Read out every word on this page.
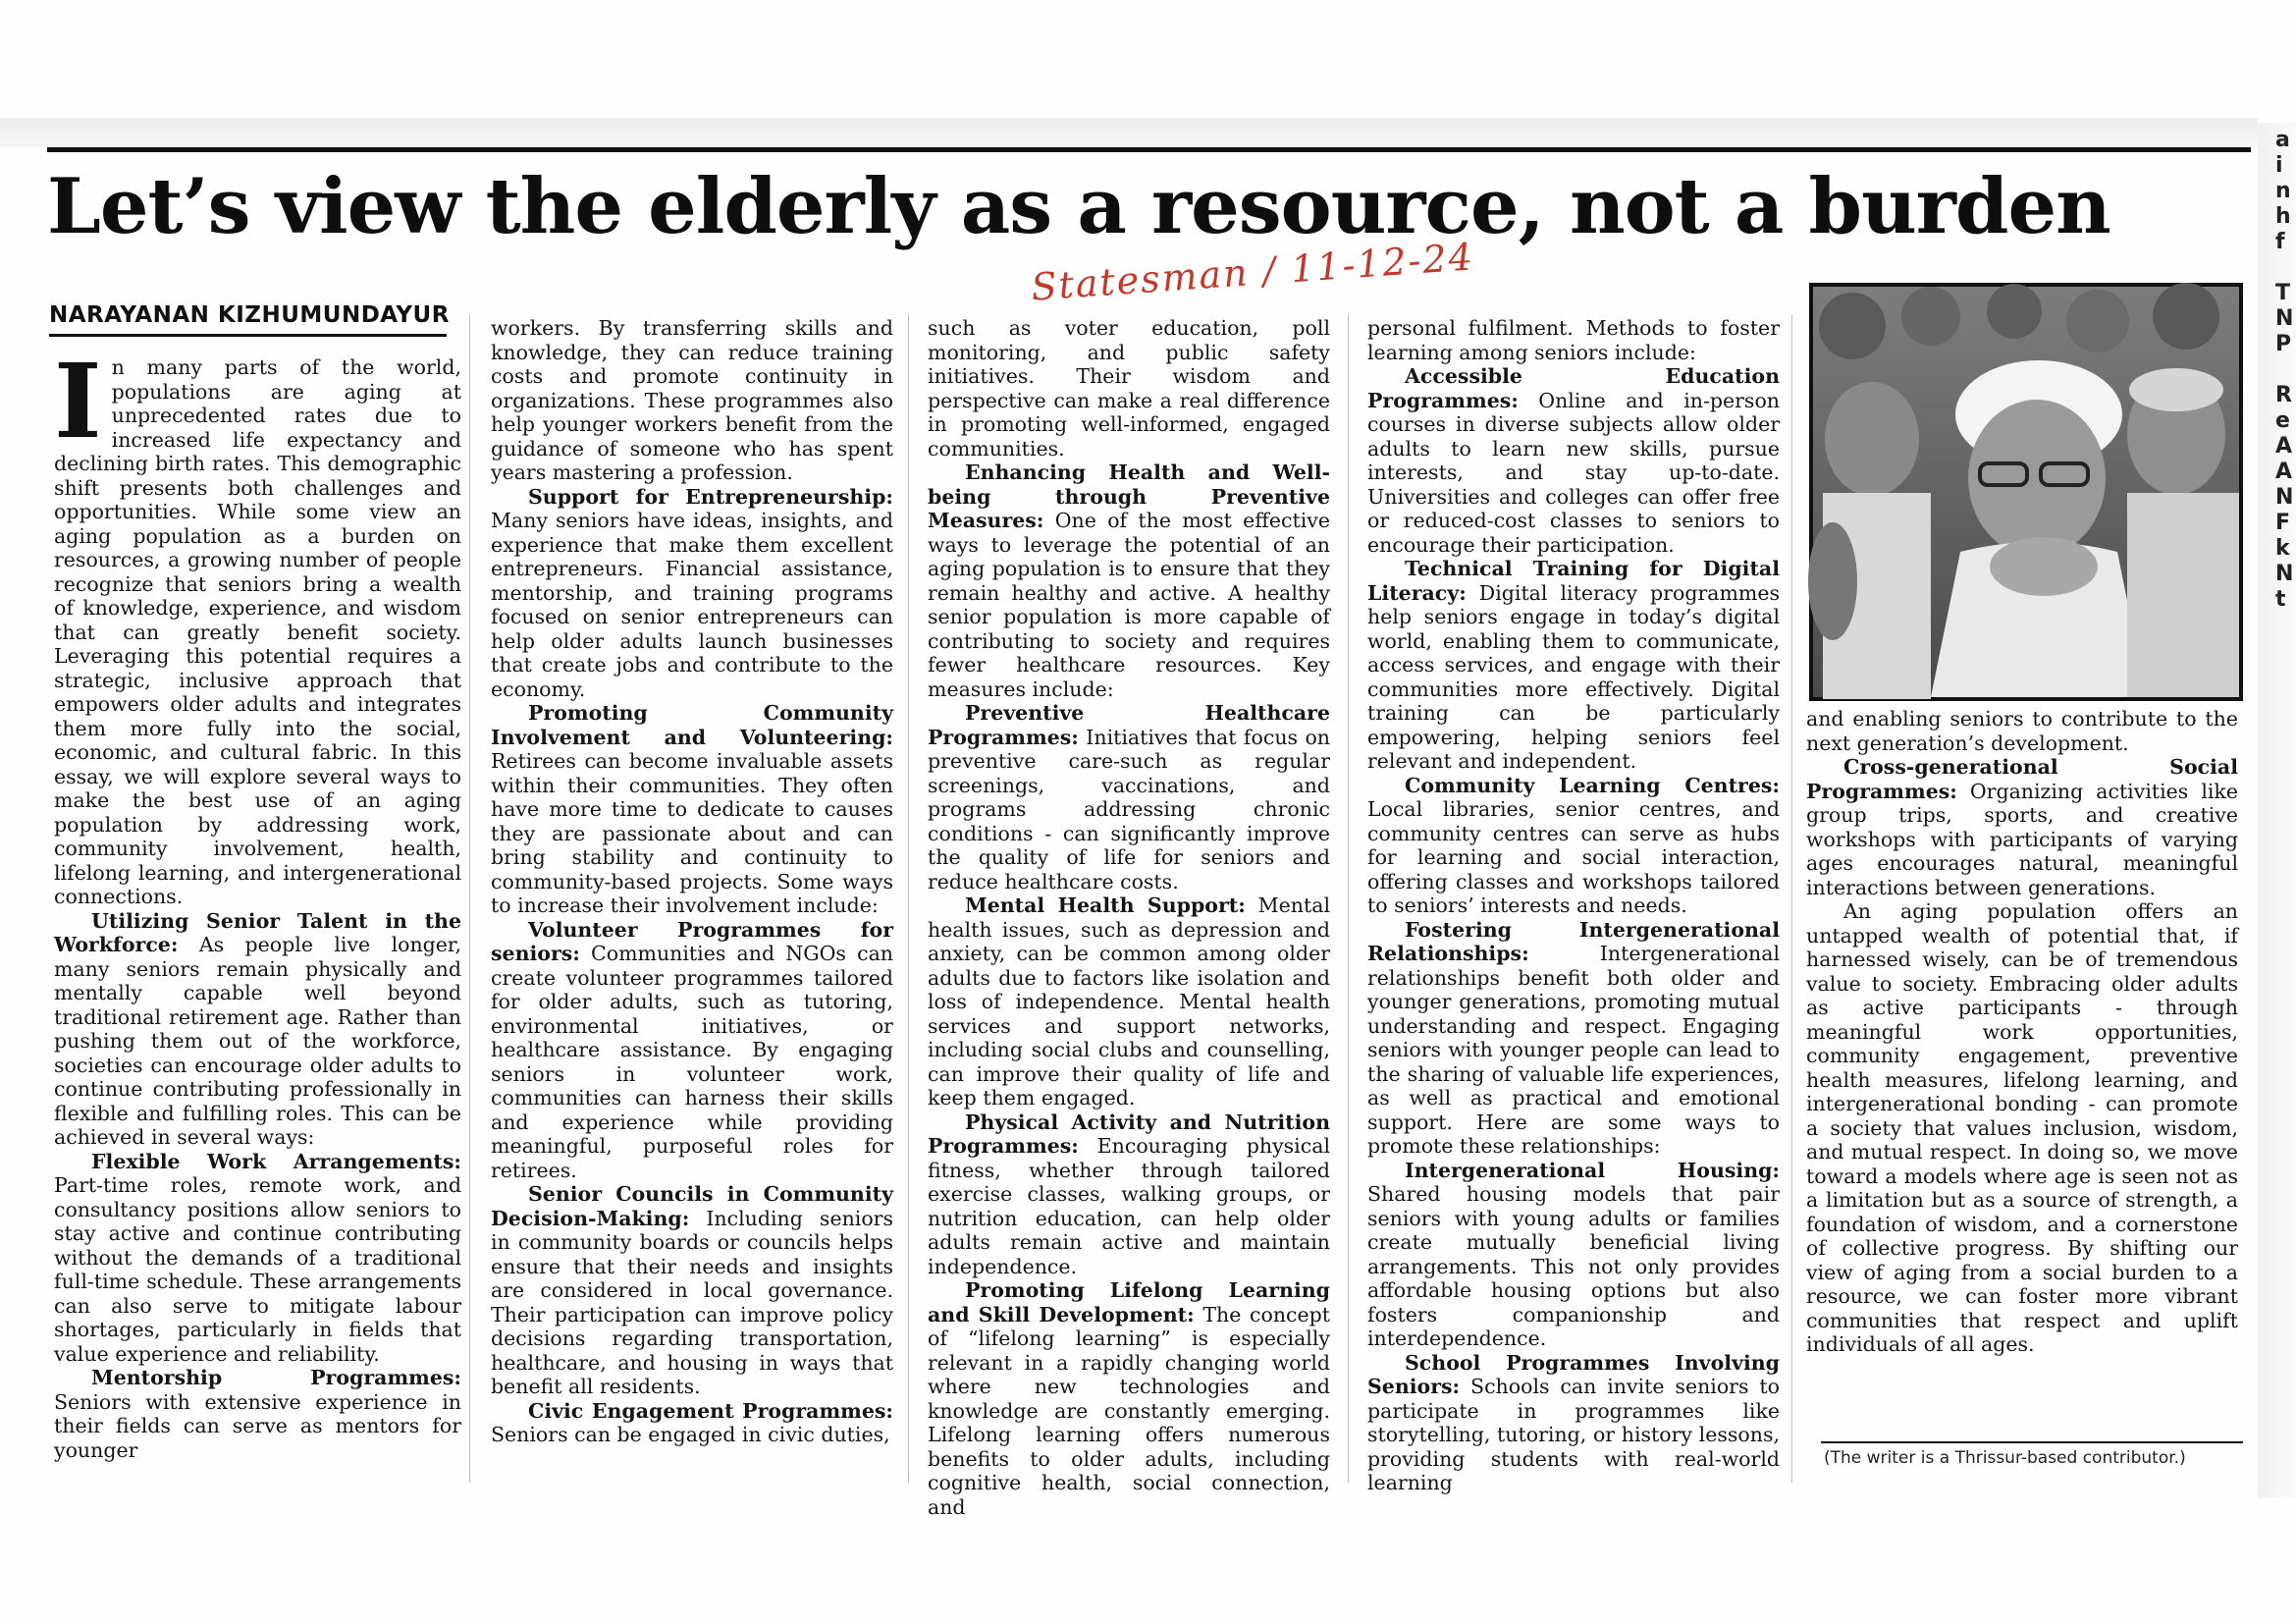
Let’s view the elderly as a resource, not a burden
Statesman / 11-12-24
NARAYANAN KIZHUMUNDAYUR

In many parts of the world, populations are aging at unprecedented rates due to increased life expectancy and declining birth rates. This demographic shift presents both challenges and opportunities. While some view an aging population as a burden on resources, a growing number of people recognize that seniors bring a wealth of knowledge, experience, and wisdom that can greatly benefit society. Leveraging this potential requires a strategic, inclusive approach that empowers older adults and integrates them more fully into the social, economic, and cultural fabric. In this essay, we will explore several ways to make the best use of an aging population by addressing work, community involvement, health, lifelong learning, and intergenerational connections.

Utilizing Senior Talent in the Workforce: As people live longer, many seniors remain physically and mentally capable well beyond traditional retirement age. Rather than pushing them out of the workforce, societies can encourage older adults to continue contributing professionally in flexible and fulfilling roles. This can be achieved in several ways:

Flexible Work Arrangements: Part-time roles, remote work, and consultancy positions allow seniors to stay active and continue contributing without the demands of a traditional full-time schedule. These arrangements can also serve to mitigate labour shortages, particularly in fields that value experience and reliability.

Mentorship Programmes: Seniors with extensive experience in their fields can serve as mentors for younger

workers. By transferring skills and knowledge, they can reduce training costs and promote continuity in organizations. These programmes also help younger workers benefit from the guidance of someone who has spent years mastering a profession.

Support for Entrepreneurship: Many seniors have ideas, insights, and experience that make them excellent entrepreneurs. Financial assistance, mentorship, and training programs focused on senior entrepreneurs can help older adults launch businesses that create jobs and contribute to the economy.

Promoting Community Involvement and Volunteering: Retirees can become invaluable assets within their communities. They often have more time to dedicate to causes they are passionate about and can bring stability and continuity to community-based projects. Some ways to increase their involvement include:

Volunteer Programmes for seniors: Communities and NGOs can create volunteer programmes tailored for older adults, such as tutoring, environmental initiatives, or healthcare assistance. By engaging seniors in volunteer work, communities can harness their skills and experience while providing meaningful, purposeful roles for retirees.

Senior Councils in Community Decision-Making: Including seniors in community boards or councils helps ensure that their needs and insights are considered in local governance. Their participation can improve policy decisions regarding transportation, healthcare, and housing in ways that benefit all residents.

Civic Engagement Programmes: Seniors can be engaged in civic duties,

such as voter education, poll monitoring, and public safety initiatives. Their wisdom and perspective can make a real difference in promoting well-informed, engaged communities.

Enhancing Health and Well-being through Preventive Measures: One of the most effective ways to leverage the potential of an aging population is to ensure that they remain healthy and active. A healthy senior population is more capable of contributing to society and requires fewer healthcare resources. Key measures include:

Preventive Healthcare Programmes: Initiatives that focus on preventive care-such as regular screenings, vaccinations, and programs addressing chronic conditions - can significantly improve the quality of life for seniors and reduce healthcare costs.

Mental Health Support: Mental health issues, such as depression and anxiety, can be common among older adults due to factors like isolation and loss of independence. Mental health services and support networks, including social clubs and counselling, can improve their quality of life and keep them engaged.

Physical Activity and Nutrition Programmes: Encouraging physical fitness, whether through tailored exercise classes, walking groups, or nutrition education, can help older adults remain active and maintain independence.

Promoting Lifelong Learning and Skill Development: The concept of “lifelong learning” is especially relevant in a rapidly changing world where new technologies and knowledge are constantly emerging. Lifelong learning offers numerous benefits to older adults, including cognitive health, social connection, and

personal fulfilment. Methods to foster learning among seniors include:

Accessible Education Programmes: Online and in-person courses in diverse subjects allow older adults to learn new skills, pursue interests, and stay up-to-date. Universities and colleges can offer free or reduced-cost classes to seniors to encourage their participation.

Technical Training for Digital Literacy: Digital literacy programmes help seniors engage in today’s digital world, enabling them to communicate, access services, and engage with their communities more effectively. Digital training can be particularly empowering, helping seniors feel relevant and independent.

Community Learning Centres: Local libraries, senior centres, and community centres can serve as hubs for learning and social interaction, offering classes and workshops tailored to seniors’ interests and needs.

Fostering Intergenerational Relationships: Intergenerational relationships benefit both older and younger generations, promoting mutual understanding and respect. Engaging seniors with younger people can lead to the sharing of valuable life experiences, as well as practical and emotional support. Here are some ways to promote these relationships:

Intergenerational Housing: Shared housing models that pair seniors with young adults or families create mutually beneficial living arrangements. This not only provides affordable housing options but also fosters companionship and interdependence.

School Programmes Involving Seniors: Schools can invite seniors to participate in programmes like storytelling, tutoring, or history lessons, providing students with real-world learning

and enabling seniors to contribute to the next generation’s development.

Cross-generational Social Programmes: Organizing activities like group trips, sports, and creative workshops with participants of varying ages encourages natural, meaningful interactions between generations.

An aging population offers an untapped wealth of potential that, if harnessed wisely, can be of tremendous value to society. Embracing older adults as active participants - through meaningful work opportunities, community engagement, preventive health measures, lifelong learning, and intergenerational bonding - can promote a society that values inclusion, wisdom, and mutual respect. In doing so, we move toward a models where age is seen not as a limitation but as a source of strength, a foundation of wisdom, and a cornerstone of collective progress. By shifting our view of aging from a social burden to a resource, we can foster more vibrant communities that respect and uplift individuals of all ages.

(The writer is a Thrissur-based contributor.)
a
i
n
h
f

T
N
P

R
e
A
A
N
F
k
N
t
